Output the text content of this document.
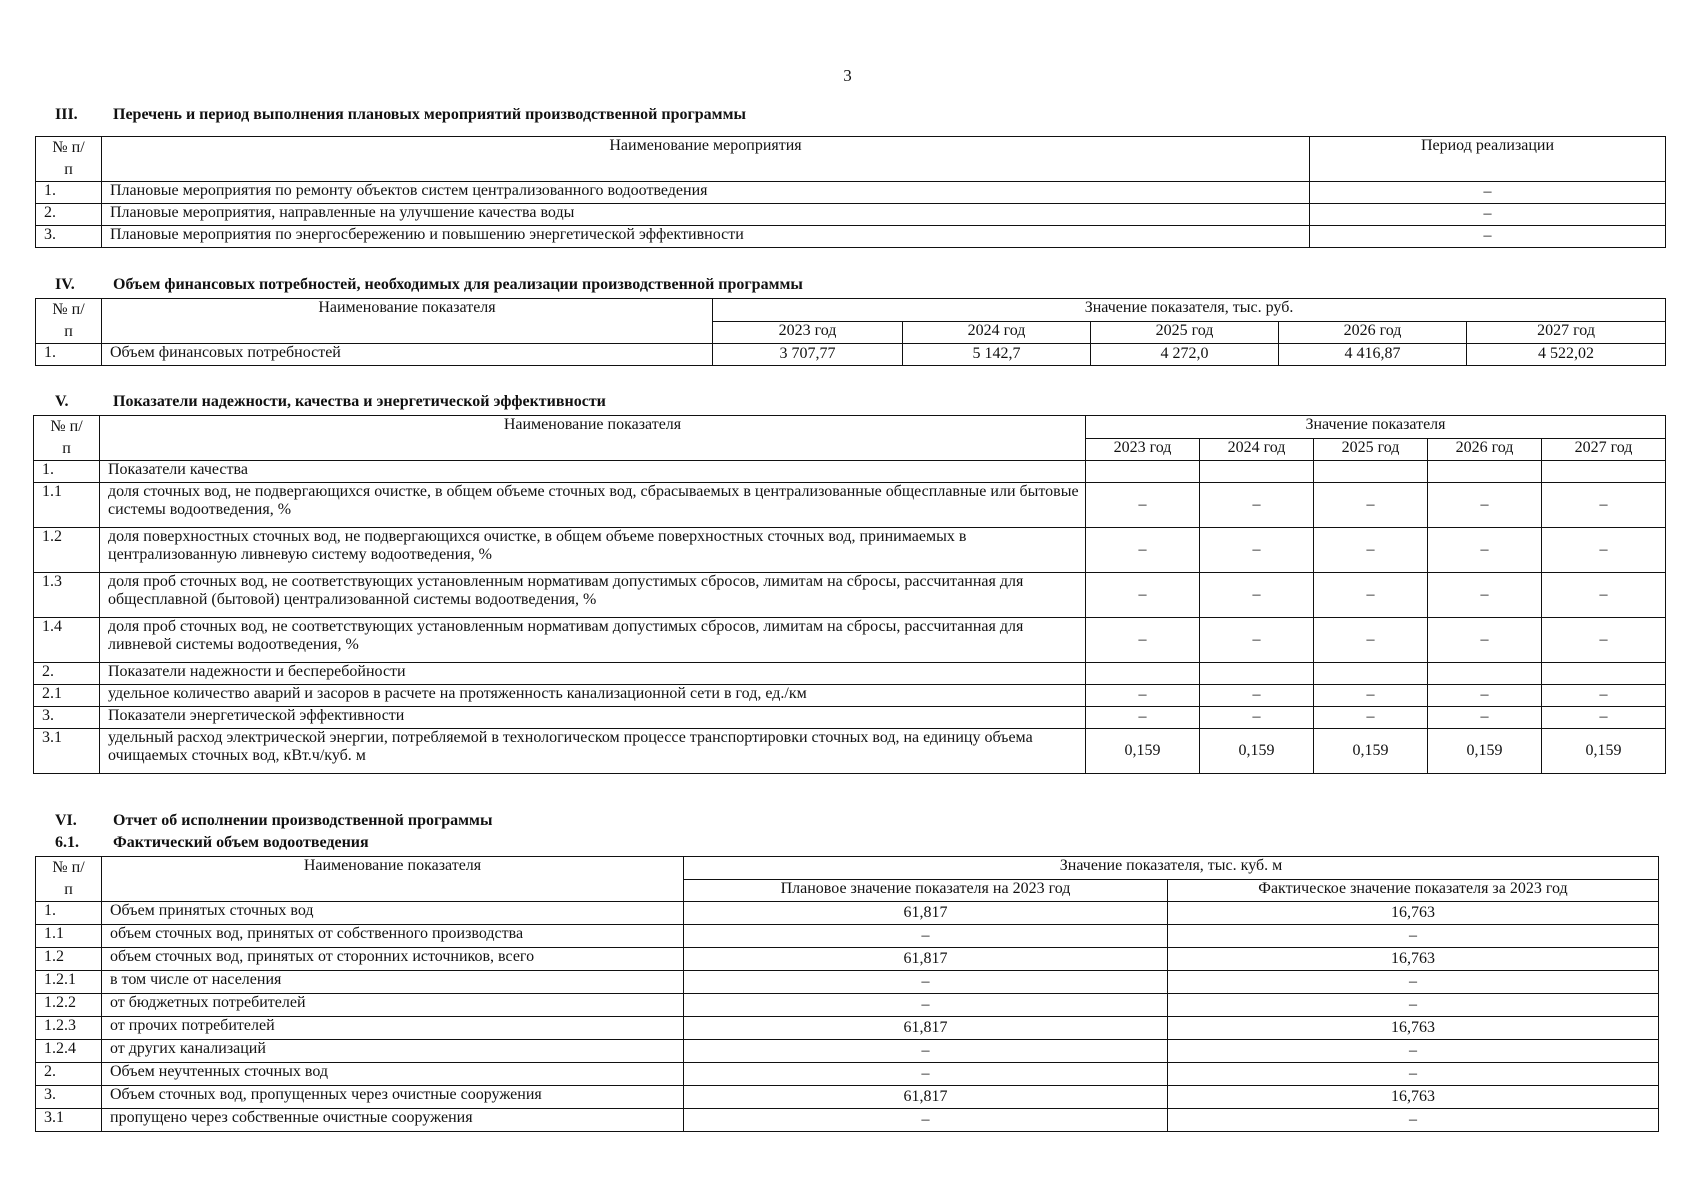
3
III. Перечень и период выполнения плановых мероприятий производственной программы
№ п/п	Наименование мероприятия	Период реализации
1.	Плановые мероприятия по ремонту объектов систем централизованного водоотведения	–
2.	Плановые мероприятия, направленные на улучшение качества воды	–
3.	Плановые мероприятия по энергосбережению и повышению энергетической эффективности	–
IV. Объем финансовых потребностей, необходимых для реализации производственной программы
№ п/п	Наименование показателя	Значение показателя, тыс. руб.				
		2023 год	2024 год	2025 год	2026 год	2027 год
1.	Объем финансовых потребностей	3 707,77	5 142,7	4 272,0	4 416,87	4 522,02
V.	Показатели надежности, качества и энергетической эффективности
№ п/п	Наименование показателя	Значение показателя				
		2023 год	2024 год	2025 год	2026 год	2027 год
1.	Показатели качества					
1.1	доля сточных вод, не подвергающихся очистке, в общем объеме сточных вод, сбрасываемых в централизованные общесплавные или бытовые системы водоотведения, %	–	–	–	–	–
1.2	доля поверхностных сточных вод, не подвергающихся очистке, в общем объеме поверхностных сточных вод, принимаемых в централизованную ливневую систему водоотведения, %	–	–	–	–	–
1.3	доля проб сточных вод, не соответствующих установленным нормативам допустимых сбросов, лимитам на сбросы, рассчитанная для общесплавной (бытовой) централизованной системы водоотведения, %	–	–	–	–	–
1.4	доля проб сточных вод, не соответствующих установленным нормативам допустимых сбросов, лимитам на сбросы, рассчитанная для ливневой системы водоотведения, %	–	–	–	–	–
2.	Показатели надежности и бесперебойности					
2.1	удельное количество аварий и засоров в расчете на протяженность канализационной сети в год, ед./км	–	–	–	–	–
3.	Показатели энергетической эффективности	–	–	–	–	–
3.1	удельный расход электрической энергии, потребляемой в технологическом процессе транспортировки сточных вод, на единицу объема очищаемых сточных вод, кВт.ч/куб. м	0,159	0,159	0,159	0,159	0,159
VI. Отчет об исполнении производственной программы
6.1. Фактический объем водоотведения
№ п/п	Наименование показателя	Значение показателя, тыс. куб. м	
		Плановое значение показателя на 2023 год	Фактическое значение показателя за 2023 год
1.	Объем принятых сточных вод	61,817	16,763
1.1	объем сточных вод, принятых от собственного производства	–	–
1.2	объем сточных вод, принятых от сторонних источников, всего	61,817	16,763
1.2.1	в том числе от населения	–	–
1.2.2	от бюджетных потребителей	–	–
1.2.3	от прочих потребителей	61,817	16,763
1.2.4	от других канализаций	–	–
2.	Объем неучтенных сточных вод	–	–
3.	Объем сточных вод, пропущенных через очистные сооружения	61,817	16,763
3.1	пропущено через собственные очистные сооружения	–	–
